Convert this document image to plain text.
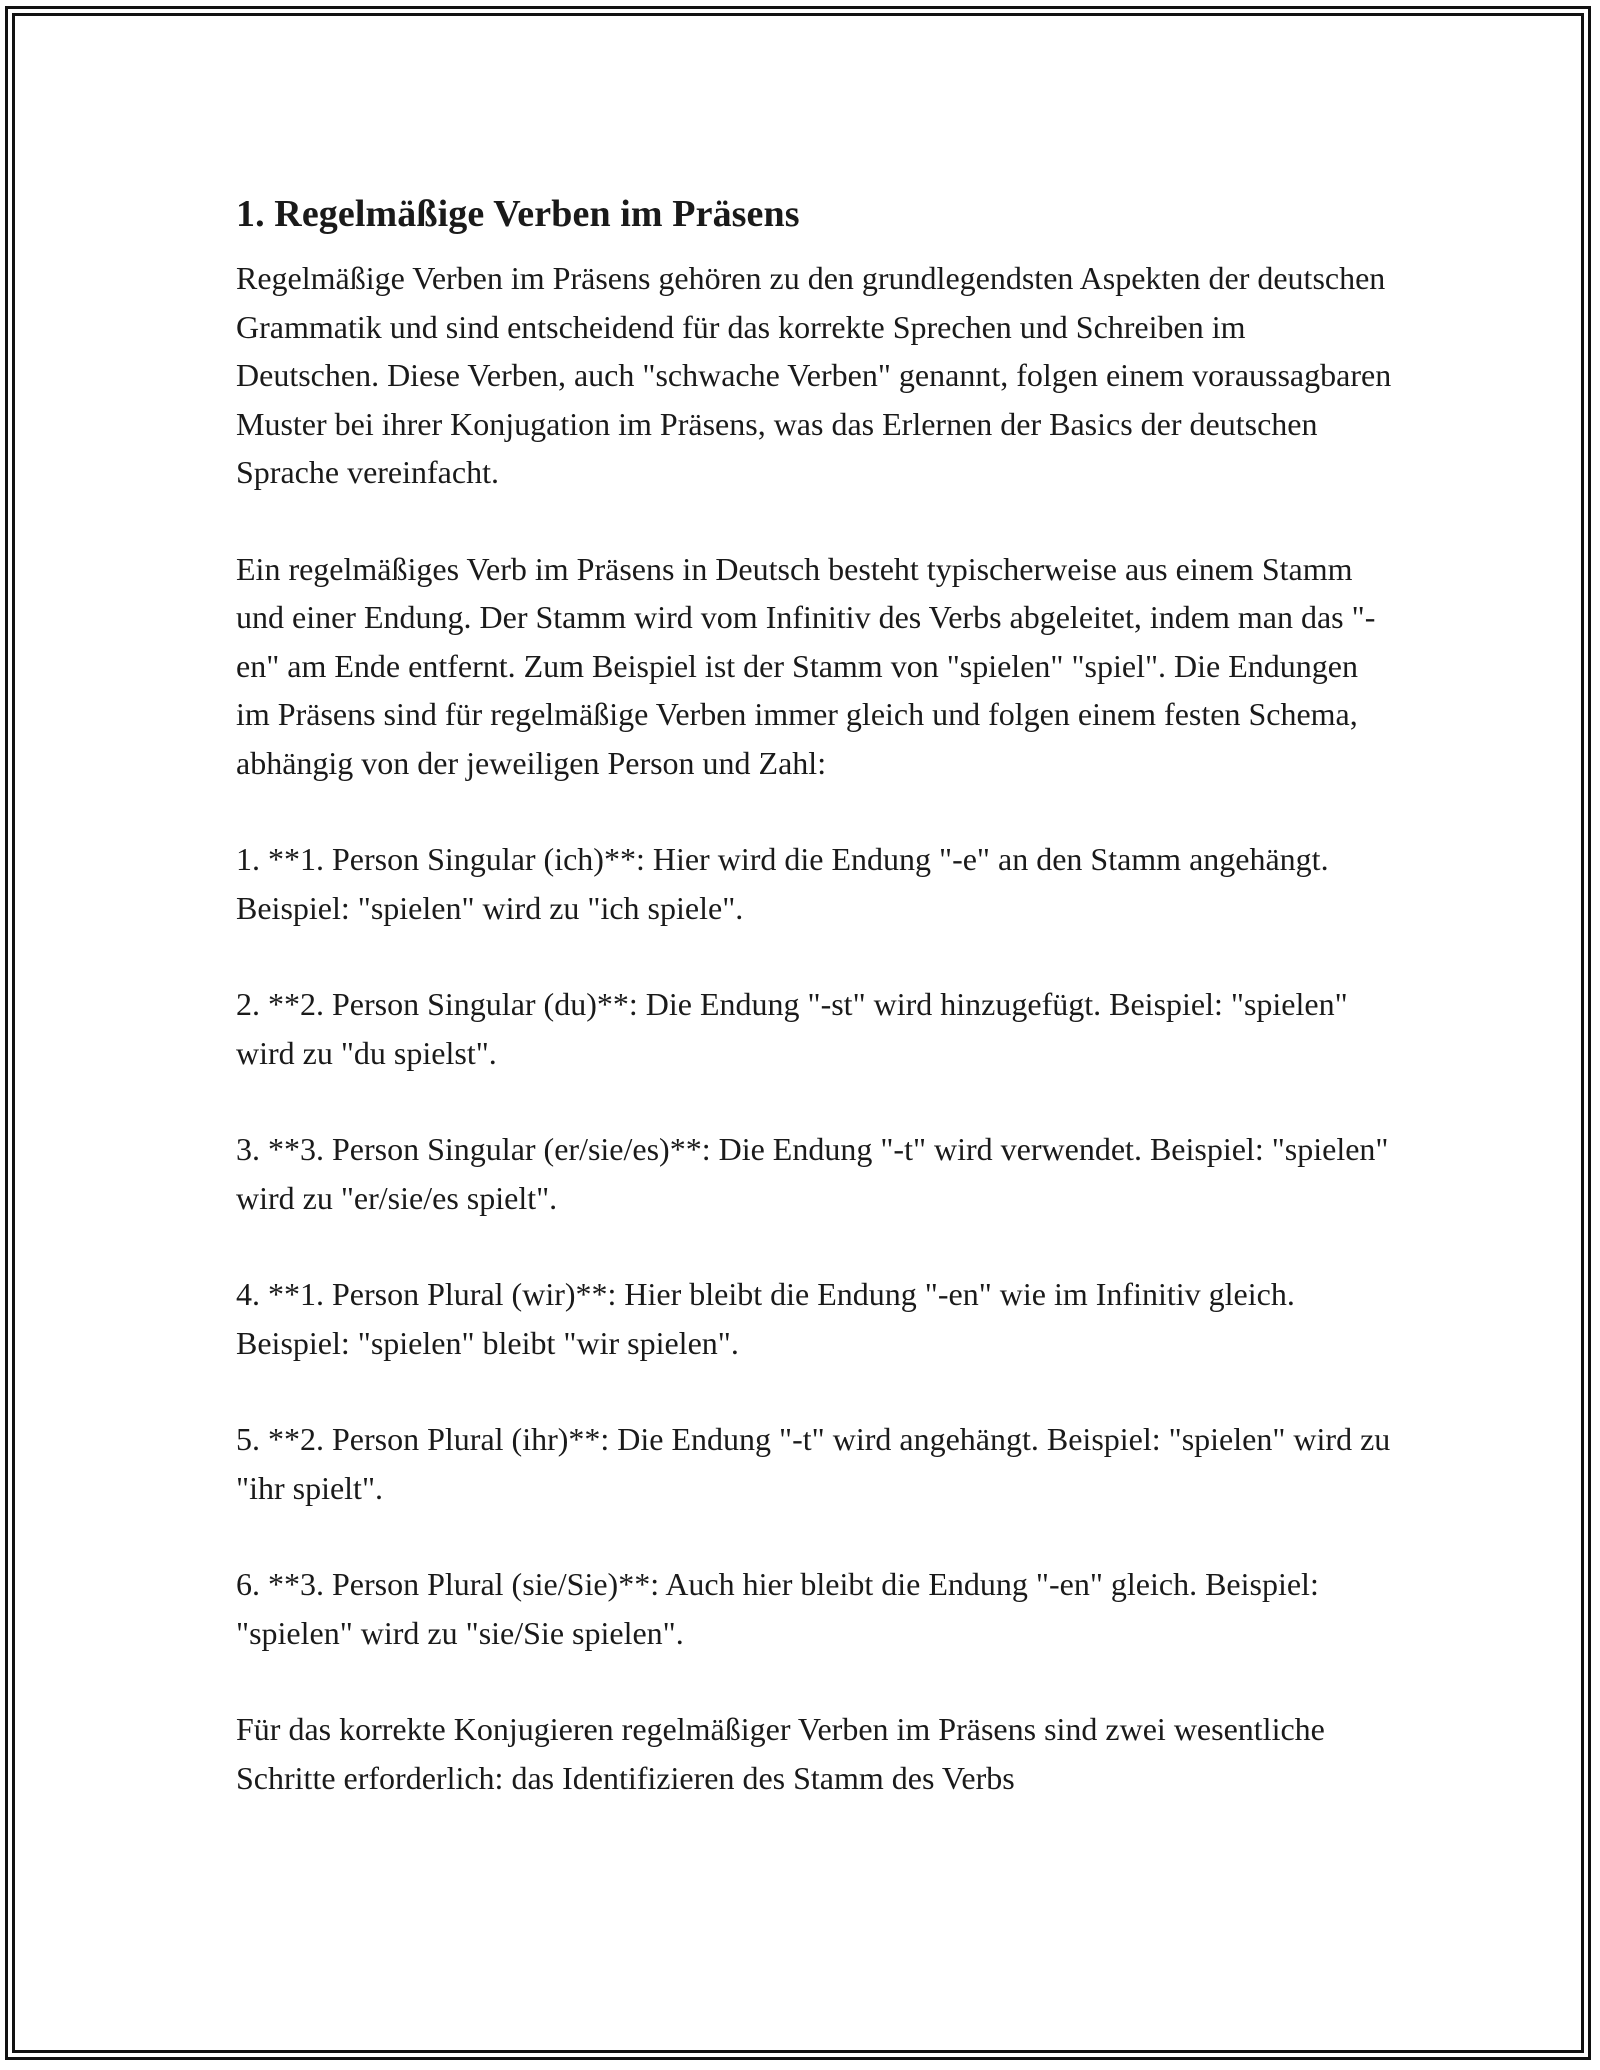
1. Regelmäßige Verben im Präsens

Regelmäßige Verben im Präsens gehören zu den grundlegendsten Aspekten der deutschen Grammatik und sind entscheidend für das korrekte Sprechen und Schreiben im Deutschen. Diese Verben, auch "schwache Verben" genannt, folgen einem voraussagbaren Muster bei ihrer Konjugation im Präsens, was das Erlernen der Basics der deutschen Sprache vereinfacht.

Ein regelmäßiges Verb im Präsens in Deutsch besteht typischerweise aus einem Stamm und einer Endung. Der Stamm wird vom Infinitiv des Verbs abgeleitet, indem man das "-en" am Ende entfernt. Zum Beispiel ist der Stamm von "spielen" "spiel". Die Endungen im Präsens sind für regelmäßige Verben immer gleich und folgen einem festen Schema, abhängig von der jeweiligen Person und Zahl:

1. **1. Person Singular (ich)**: Hier wird die Endung "-e" an den Stamm angehängt. Beispiel: "spielen" wird zu "ich spiele".
2. **2. Person Singular (du)**: Die Endung "-st" wird hinzugefügt. Beispiel: "spielen" wird zu "du spielst".
3. **3. Person Singular (er/sie/es)**: Die Endung "-t" wird verwendet. Beispiel: "spielen" wird zu "er/sie/es spielt".
4. **1. Person Plural (wir)**: Hier bleibt die Endung "-en" wie im Infinitiv gleich. Beispiel: "spielen" bleibt "wir spielen".
5. **2. Person Plural (ihr)**: Die Endung "-t" wird angehängt. Beispiel: "spielen" wird zu "ihr spielt".
6. **3. Person Plural (sie/Sie)**: Auch hier bleibt die Endung "-en" gleich. Beispiel: "spielen" wird zu "sie/Sie spielen".

Für das korrekte Konjugieren regelmäßiger Verben im Präsens sind zwei wesentliche Schritte erforderlich: das Identifizieren des Stamm des Verbs
